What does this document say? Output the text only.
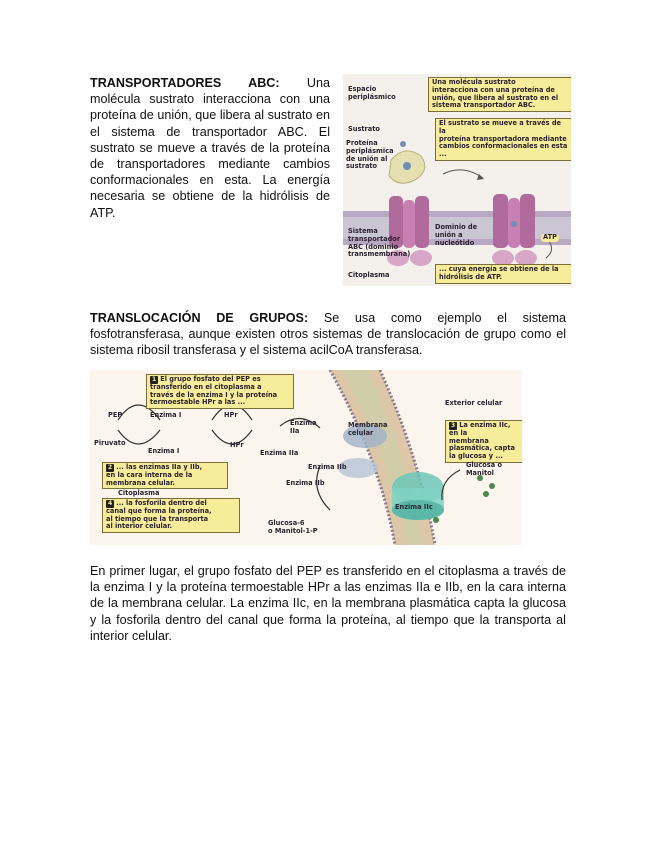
TRANSPORTADORES ABC: Una
molécula sustrato interacciona con una
proteína de unión, que libera al sustrato en
el sistema de transportador ABC. El
sustrato se mueve a través de la proteína
de transportadores mediante cambios
conformacionales en esta. La energía
necesaria se obtiene de la hidrólisis de
ATP.
Una molécula sustrato
interacciona con una proteína de
unión, que libera al sustrato en el
sistema transportador ABC.
El sustrato se mueve a través de la
proteína transportadora mediante
cambios conformacionales en esta ...
... cuya energía se obtiene de la
hidrólisis de ATP.
Espacio
periplásmico
Sustrato
Proteína
periplásmica
de unión al
sustrato
Dominio de
unión a
nucleótido
Sistema
transportador
ABC (dominio
transmembrana)
Citoplasma
ATP
TRANSLOCACIÓN DE GRUPOS: Se usa como ejemplo el sistema
fosfotransferasa, aunque existen otros sistemas de translocación de grupo como el
sistema ribosil transferasa y el sistema acilCoA transferasa.
1 El grupo fosfato del PEP es
transferido en el citoplasma a
través de la enzima I y la proteína
termoestable HPr a las ...
2 ... las enzimas IIa y IIb,
en la cara interna de la
membrana celular.
3 La enzima IIc, en la
membrana
plasmática, capta
la glucosa y ...
4 ... la fosforila dentro del
canal que forma la proteína,
al tiempo que la transporta
al interior celular.
PEP
Piruvato
Enzima I
Enzima I
HPr
HPr
Enzima
IIa
Enzima IIa
Enzima IIb
Enzima IIb
Membrana
celular
Exterior celular
Citoplasma
Glucosa o
Manitol
Enzima IIc
Glucosa-6
o Manitol-1-P
En primer lugar, el grupo fosfato del PEP es transferido en el citoplasma a través de
la enzima I y la proteína termoestable HPr a las enzimas IIa e IIb, en la cara interna
de la membrana celular. La enzima IIc, en la membrana plasmática capta la glucosa
y la fosforila dentro del canal que forma la proteína, al tiempo que la transporta al
interior celular.
